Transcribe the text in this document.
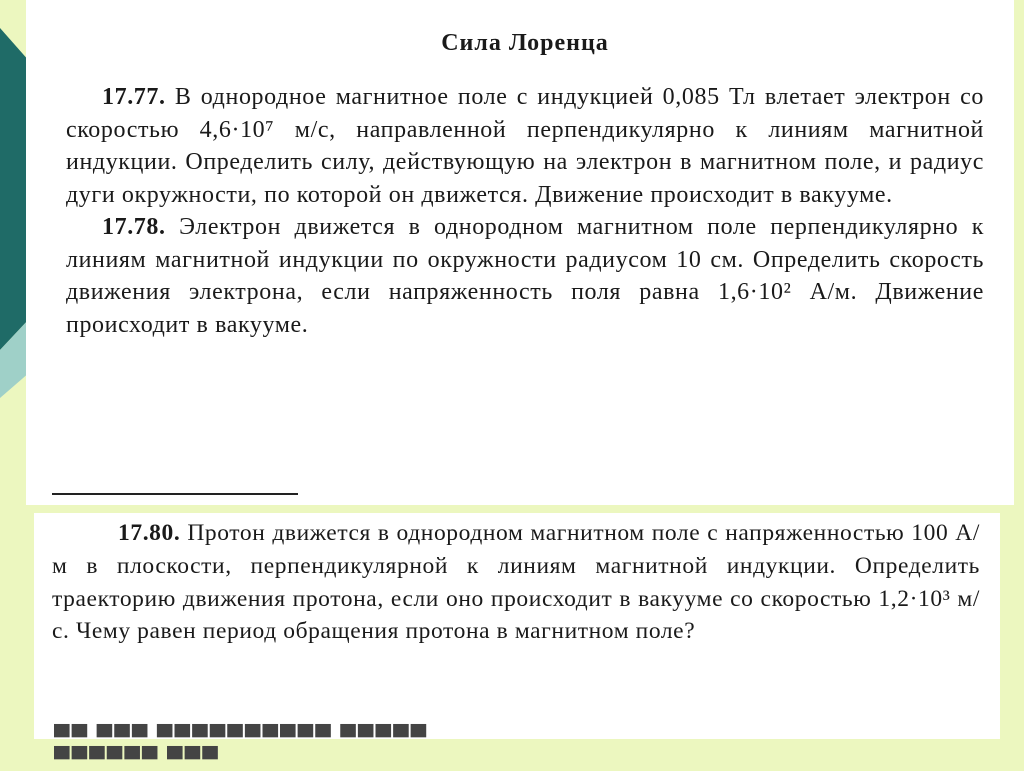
Сила Лоренца

17.77. В однородное магнитное поле с индукцией 0,085 Тл влетает электрон со скоростью 4,6·10⁷ м/с, направленной перпендикулярно к линиям магнитной индукции. Определить силу, действующую на электрон в магнитном поле, и радиус дуги окружности, по которой он движется. Движение происходит в вакууме.

17.78. Электрон движется в однородном магнитном поле перпендикулярно к линиям магнитной индукции по окружности радиусом 10 см. Определить скорость движения электрона, если напряженность поля равна 1,6·10² А/м. Движение происходит в вакууме.

17.80. Протон движется в однородном магнитном поле с напряженностью 100 А/м в плоскости, перпендикулярной к линиям магнитной индукции. Определить траекторию движения протона, если оно происходит в вакууме со скоростью 1,2·10³ м/с. Чему равен период обращения протона в магнитном поле?

▀▀ ▀▀▀ ▀▀▀▀▀▀▀▀▀▀ ▀▀▀▀▀ ▀▀▀▀▀▀ ▀▀▀
